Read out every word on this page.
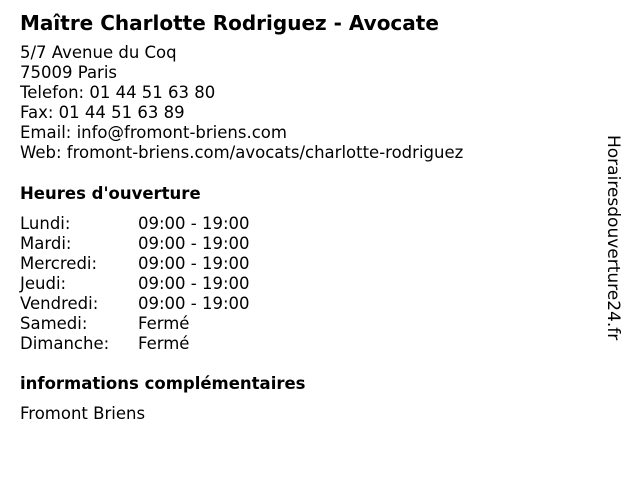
Maître Charlotte Rodriguez - Avocate
5/7 Avenue du Coq
75009 Paris
Telefon: 01 44 51 63 80
Fax: 01 44 51 63 89
Email: info@fromont-briens.com
Web: fromont-briens.com/avocats/charlotte-rodriguez
Heures d'ouverture
Lundi:	09:00 - 19:00
Mardi:	09:00 - 19:00
Mercredi: 09:00 - 19:00
Jeudi:	09:00 - 19:00
Vendredi: 09:00 - 19:00
Samedi:	Fermé
Dimanche: Fermé
informations complémentaires
Fromont Briens
Horairesdouverture24.fr
